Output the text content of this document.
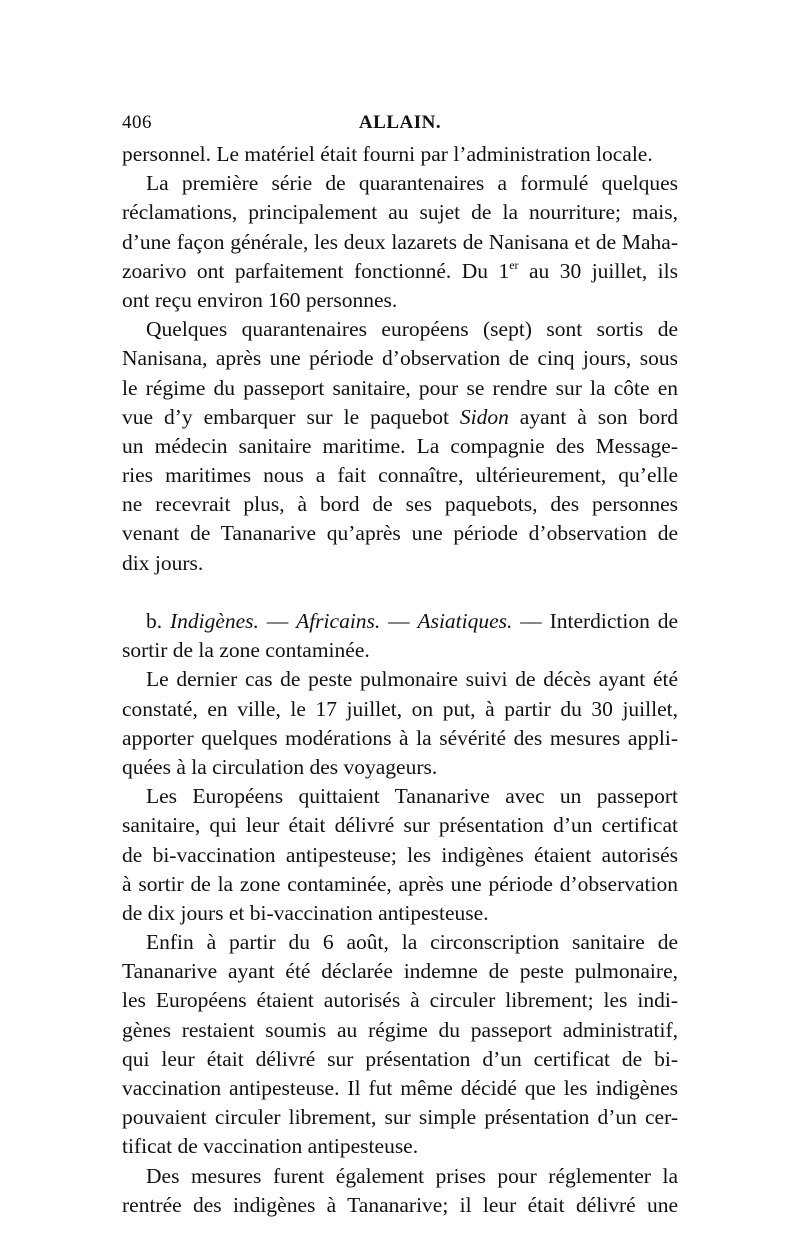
406	ALLAIN.
personnel. Le matériel était fourni par l’administration locale.
La première série de quarantenaires a formulé quelques
réclamations, principalement au sujet de la nourriture; mais,
d’une façon générale, les deux lazarets de Nanisana et de Maha-
zoarivo ont parfaitement fonctionné. Du 1er au 30 juillet, ils
ont reçu environ 160 personnes.
Quelques quarantenaires européens (sept) sont sortis de
Nanisana, après une période d’observation de cinq jours, sous
le régime du passeport sanitaire, pour se rendre sur la côte en
vue d’y embarquer sur le paquebot Sidon ayant à son bord
un médecin sanitaire maritime. La compagnie des Message-
ries maritimes nous a fait connaître, ultérieurement, qu’elle
ne recevrait plus, à bord de ses paquebots, des personnes
venant de Tananarive qu’après une période d’observation de
dix jours.
b. Indigènes. — Africains. — Asiatiques. — Interdiction de
sortir de la zone contaminée.
Le dernier cas de peste pulmonaire suivi de décès ayant été
constaté, en ville, le 17 juillet, on put, à partir du 30 juillet,
apporter quelques modérations à la sévérité des mesures appli-
quées à la circulation des voyageurs.
Les Européens quittaient Tananarive avec un passeport
sanitaire, qui leur était délivré sur présentation d’un certificat
de bi-vaccination antipesteuse; les indigènes étaient autorisés
à sortir de la zone contaminée, après une période d’observation
de dix jours et bi-vaccination antipesteuse.
Enfin à partir du 6 août, la circonscription sanitaire de
Tananarive ayant été déclarée indemne de peste pulmonaire,
les Européens étaient autorisés à circuler librement; les indi-
gènes restaient soumis au régime du passeport administratif,
qui leur était délivré sur présentation d’un certificat de bi-
vaccination antipesteuse. Il fut même décidé que les indigènes
pouvaient circuler librement, sur simple présentation d’un cer-
tificat de vaccination antipesteuse.
Des mesures furent également prises pour réglementer la
rentrée des indigènes à Tananarive; il leur était délivré une
